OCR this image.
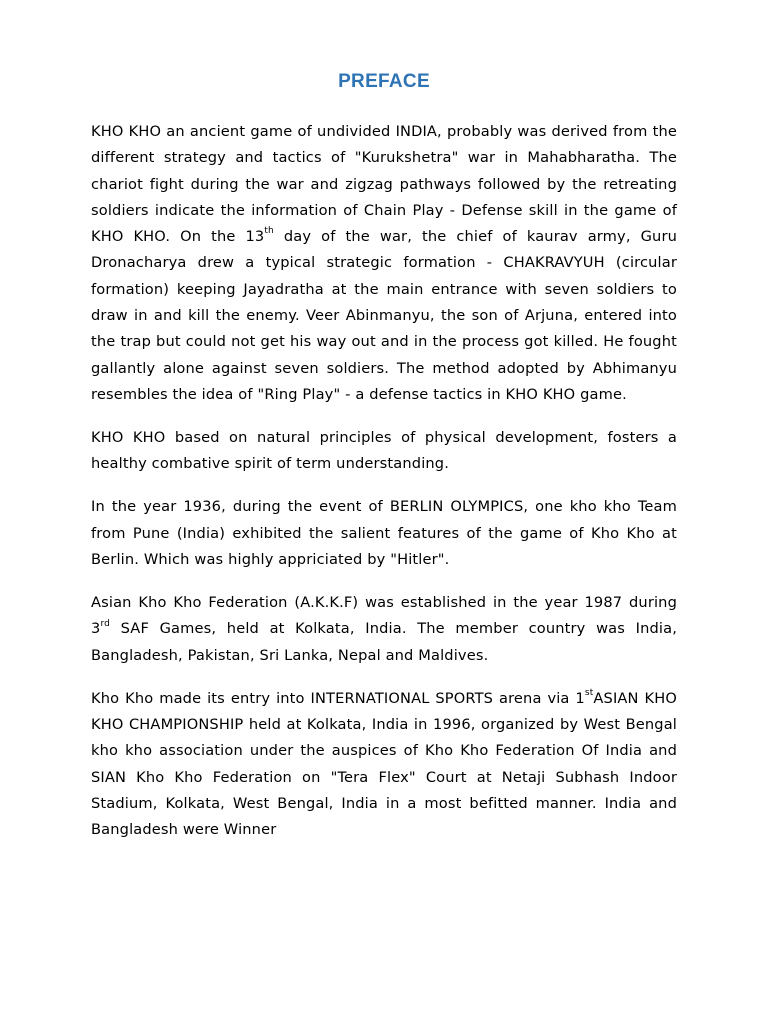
PREFACE

KHO KHO an ancient game of undivided INDIA, probably was derived from the different strategy and tactics of "Kurukshetra" war in Mahabharatha. The chariot fight during the war and zigzag pathways followed by the retreating soldiers indicate the information of Chain Play - Defense skill in the game of KHO KHO. On the 13th day of the war, the chief of kaurav army, Guru Dronacharya drew a typical strategic formation - CHAKRAVYUH (circular formation) keeping Jayadratha at the main entrance with seven soldiers to draw in and kill the enemy. Veer Abinmanyu, the son of Arjuna, entered into the trap but could not get his way out and in the process got killed. He fought gallantly alone against seven soldiers. The method adopted by Abhimanyu resembles the idea of "Ring Play" - a defense tactics in KHO KHO game.

KHO KHO based on natural principles of physical development, fosters a healthy combative spirit of term understanding.

In the year 1936, during the event of BERLIN OLYMPICS, one kho kho Team from Pune (India) exhibited the salient features of the game of Kho Kho at Berlin. Which was highly appriciated by "Hitler".

Asian Kho Kho Federation (A.K.K.F) was established in the year 1987 during 3rd SAF Games, held at Kolkata, India. The member country was India, Bangladesh, Pakistan, Sri Lanka, Nepal and Maldives.

Kho Kho made its entry into INTERNATIONAL SPORTS arena via 1stASIAN KHO KHO CHAMPIONSHIP held at Kolkata, India in 1996, organized by West Bengal kho kho association under the auspices of Kho Kho Federation Of India and SIAN Kho Kho Federation on "Tera Flex" Court at Netaji Subhash Indoor Stadium, Kolkata, West Bengal, India in a most befitted manner. India and Bangladesh were Winner
